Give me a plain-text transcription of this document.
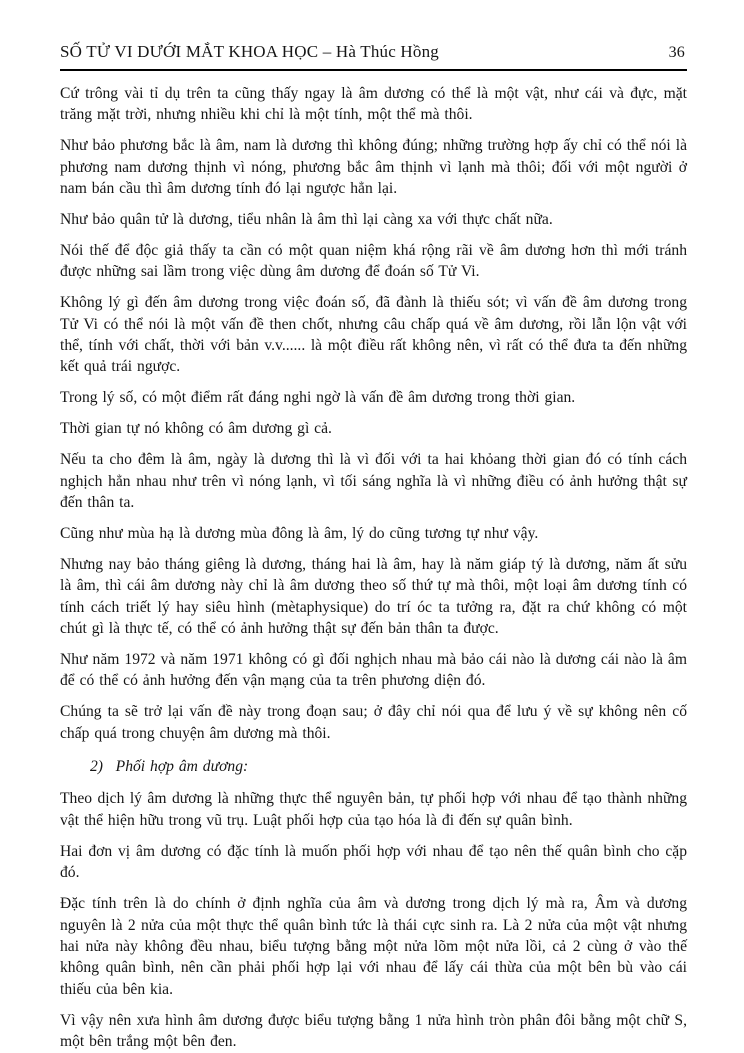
SỐ TỬ VI DƯỚI MẮT KHOA HỌC – Hà Thúc Hồng	36

Cứ trông vài tỉ dụ trên ta cũng thấy ngay là âm dương có thể là một vật, như cái và đực, mặt trăng mặt trời, nhưng nhiều khi chỉ là một tính, một thể mà thôi.

Như bảo phương bắc là âm, nam là dương thì không đúng; những trường hợp ấy chỉ có thể nói là phương nam dương thịnh vì nóng, phương bắc âm thịnh vì lạnh mà thôi; đối với một người ở nam bán cầu thì âm dương tính đó lại ngược hẳn lại.

Như bảo quân tử là dương, tiểu nhân là âm thì lại càng xa với thực chất nữa.

Nói thế để độc giả thấy ta cần có một quan niệm khá rộng rãi về âm dương hơn thì mới tránh được những sai lầm trong việc dùng âm dương để đoán số Tử Vi.

Không lý gì đến âm dương trong việc đoán số, đã đành là thiếu sót; vì vấn đề âm dương trong Tử Vi có thể nói là một vấn đề then chốt, nhưng câu chấp quá về âm dương, rồi lẫn lộn vật với thể, tính với chất, thời với bản v.v...... là một điều rất không nên, vì rất có thể đưa ta đến những kết quả trái ngược.

Trong lý số, có một điểm rất đáng nghi ngờ là vấn đề âm dương trong thời gian.

Thời gian tự nó không có âm dương gì cả.

Nếu ta cho đêm là âm, ngày là dương thì là vì đối với ta hai khỏang thời gian đó có tính cách nghịch hẳn nhau như trên vì nóng lạnh, vì tối sáng nghĩa là vì những điều có ảnh hưởng thật sự đến thân ta.

Cũng như mùa hạ là dương mùa đông là âm, lý do cũng tương tự như vậy.

Nhưng nay bảo tháng giêng là dương, tháng hai là âm, hay là năm giáp tý là dương, năm ất sửu là âm, thì cái âm dương này chỉ là âm dương theo số thứ tự mà thôi, một loại âm dương tính có tính cách triết lý hay siêu hình (mètaphysique) do trí óc ta tưởng ra, đặt ra chứ không có một chút gì là thực tế, có thể có ảnh hưởng thật sự đến bản thân ta được.

Như năm 1972 và năm 1971 không có gì đối nghịch nhau mà bảo cái nào là dương cái nào là âm để có thể có ảnh hưởng đến vận mạng của ta trên phương diện đó.

Chúng ta sẽ trở lại vấn đề này trong đoạn sau; ở đây chỉ nói qua để lưu ý về sự không nên cố chấp quá trong chuyện âm dương mà thôi.

2)  Phối hợp âm dương:

Theo dịch lý âm dương là những thực thể nguyên bản, tự phối hợp với nhau để tạo thành những vật thể hiện hữu trong vũ trụ. Luật phối hợp của tạo hóa là đi đến sự quân bình.

Hai đơn vị âm dương có đặc tính là muốn phối hợp với nhau để tạo nên thế quân bình cho cặp đó.

Đặc tính trên là do chính ở định nghĩa của âm và dương trong dịch lý mà ra, Âm và dương nguyên là 2 nửa của một thực thể quân bình tức là thái cực sinh ra. Là 2 nửa của một vật nhưng hai nửa này không đều nhau, biểu tượng bằng một nửa lõm một nửa lồi, cả 2 cùng ở vào thế không quân bình, nên cần phải phối hợp lại với nhau để lấy cái thừa của một bên bù vào cái thiếu của bên kia.

Vì vậy nên xưa hình âm dương được biểu tượng bằng 1 nửa hình tròn phân đôi bằng một chữ S, một bên trắng một bên đen.
